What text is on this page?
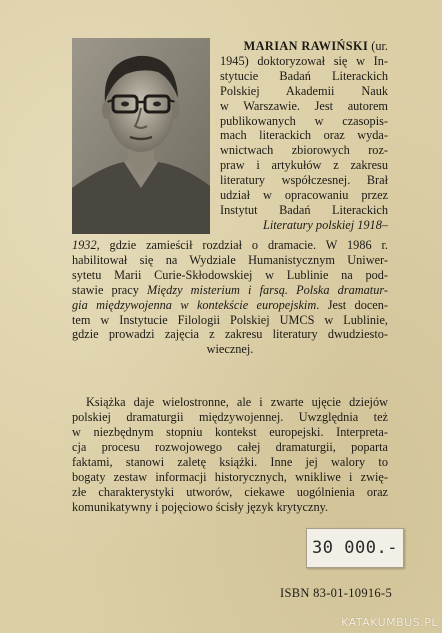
MARIAN RAWIŃSKI (ur.
1945) doktoryzował się w In-
stytucie Badań Literackich
Polskiej Akademii Nauk
w Warszawie. Jest autorem
publikowanych w czasopis-
mach literackich oraz wyda-
wnictwach zbiorowych roz-
praw i artykułów z zakresu
literatury współczesnej. Brał
udział w opracowaniu przez
Instytut Badań Literackich
Literatury polskiej 1918–
1932, gdzie zamieścił rozdział o dramacie. W 1986 r.
habilitował się na Wydziale Humanistycznym Uniwer-
sytetu Marii Curie-Skłodowskiej w Lublinie na pod-
stawie pracy Między misterium i farsą. Polska dramatur-
gia międzywojenna w kontekście europejskim. Jest docen-
tem w Instytucie Filologii Polskiej UMCS w Lublinie,
gdzie prowadzi zajęcia z zakresu literatury dwudziesto-
wiecznej.
Książka daje wielostronne, ale i zwarte ujęcie dziejów
polskiej dramaturgii międzywojennej. Uwzględnia też
w niezbędnym stopniu kontekst europejski. Interpreta-
cja procesu rozwojowego całej dramaturgii, poparta
faktami, stanowi zaletę książki. Inne jej walory to
bogaty zestaw informacji historycznych, wnikliwe i zwię-
złe charakterystyki utworów, ciekawe uogólnienia oraz
komunikatywny i pojęciowo ścisły język krytyczny.
30 000.-
ISBN 83-01-10916-5
KATAKUMBUS.PL
